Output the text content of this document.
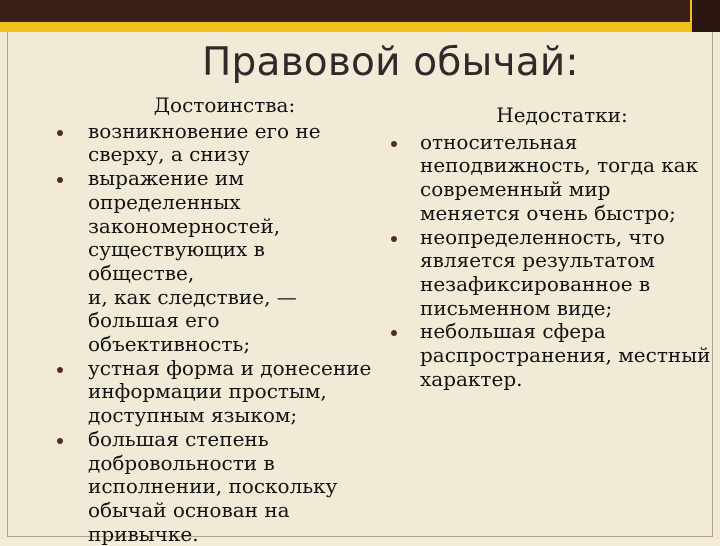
Правовой обычай:
Достоинства:
возникновение его не
сверху, а снизу
выражение им
определенных
закономерностей,
существующих в обществе,
и, как следствие, —
большая его
объективность;
устная форма и донесение
информации простым,
доступным языком;
большая степень
добровольности в
исполнении, поскольку
обычай основан на
привычке.
Недостатки:
относительная
неподвижность, тогда как
современный мир
меняется очень быстро;
неопределенность, что
является результатом
незафиксированное в
письменном виде;
небольшая сфера
распространения, местный
характер.
